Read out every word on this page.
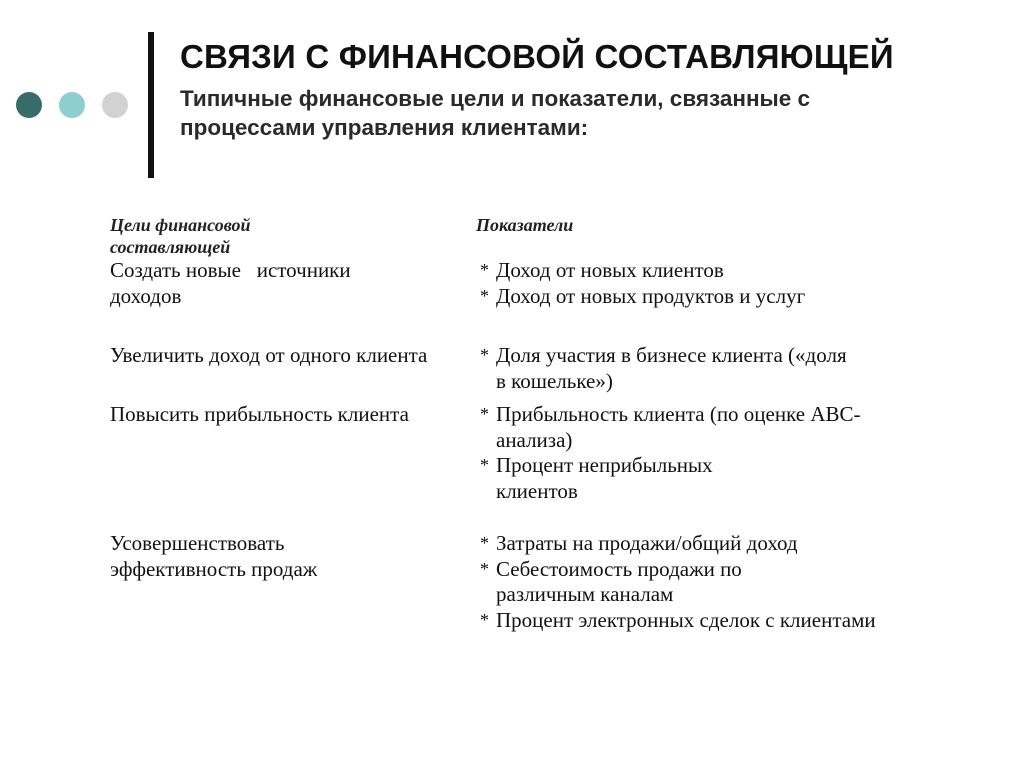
СВЯЗИ С ФИНАНСОВОЙ СОСТАВЛЯЮЩЕЙ

Типичные финансовые цели и показатели, связанные с процессами управления клиентами:

Цели финансовой
составляющей
Показатели
Создать новые   источники доходов
* Доход от новых клиентов
* Доход от новых продуктов и услуг
Увеличить доход от одного клиента	* Доля участия в бизнесе клиента («доля в кошельке»)
Повысить прибыльность клиента	* Прибыльность клиента (по оценке ABC-анализа)
* Процент неприбыльных клиентов
Усовершенствовать эффективность продаж
* Затраты на продажи/общий доход
* Себестоимость продажи по различным каналам
* Процент электронных сделок с клиентами
